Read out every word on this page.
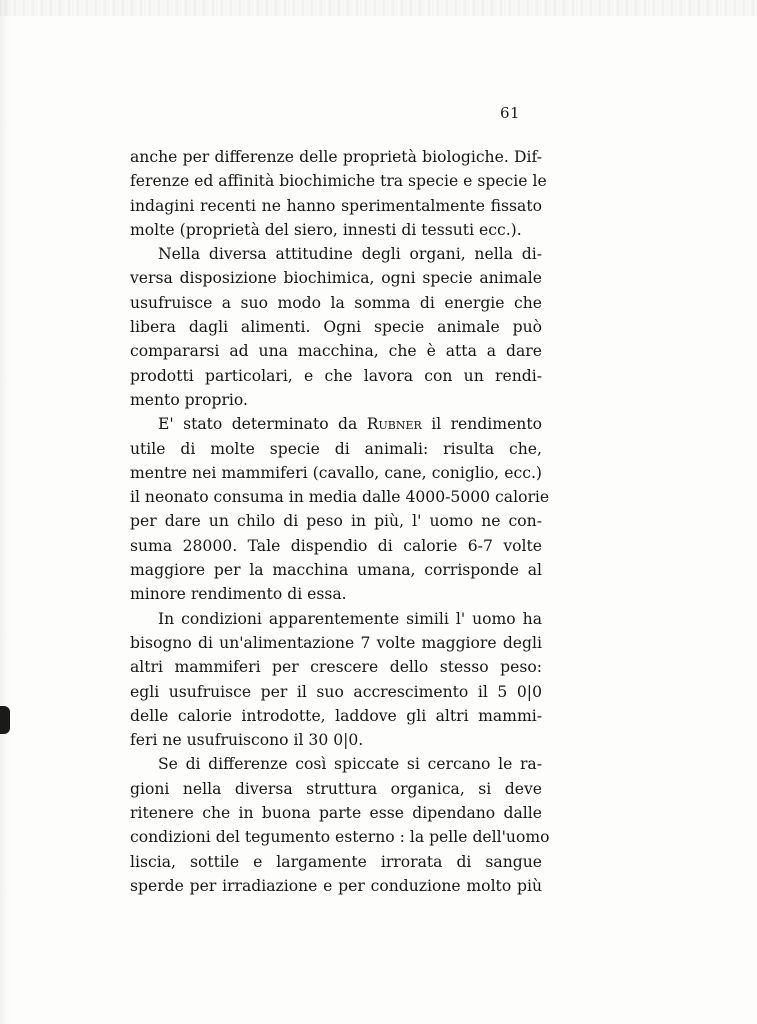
61
anche per differenze delle proprietà biologiche. Dif-
ferenze ed affinità biochimiche tra specie e specie le
indagini recenti ne hanno sperimentalmente fissato
molte (proprietà del siero, innesti di tessuti ecc.).
Nella diversa attitudine degli organi, nella di-
versa disposizione biochimica, ogni specie animale
usufruisce a suo modo la somma di energie che
libera dagli alimenti. Ogni specie animale può
compararsi ad una macchina, che è atta a dare
prodotti particolari, e che lavora con un rendi-
mento proprio.
E' stato determinato da Rubner il rendimento
utile di molte specie di animali: risulta che,
mentre nei mammiferi (cavallo, cane, coniglio, ecc.)
il neonato consuma in media dalle 4000-5000 calorie
per dare un chilo di peso in più, l' uomo ne con-
suma 28000. Tale dispendio di calorie 6-7 volte
maggiore per la macchina umana, corrisponde al
minore rendimento di essa.
In condizioni apparentemente simili l' uomo ha
bisogno di un'alimentazione 7 volte maggiore degli
altri mammiferi per crescere dello stesso peso:
egli usufruisce per il suo accrescimento il 5 0|0
delle calorie introdotte, laddove gli altri mammi-
feri ne usufruiscono il 30 0|0.
Se di differenze così spiccate si cercano le ra-
gioni nella diversa struttura organica, si deve
ritenere che in buona parte esse dipendano dalle
condizioni del tegumento esterno : la pelle dell'uomo
liscia, sottile e largamente irrorata di sangue
sperde per irradiazione e per conduzione molto più
